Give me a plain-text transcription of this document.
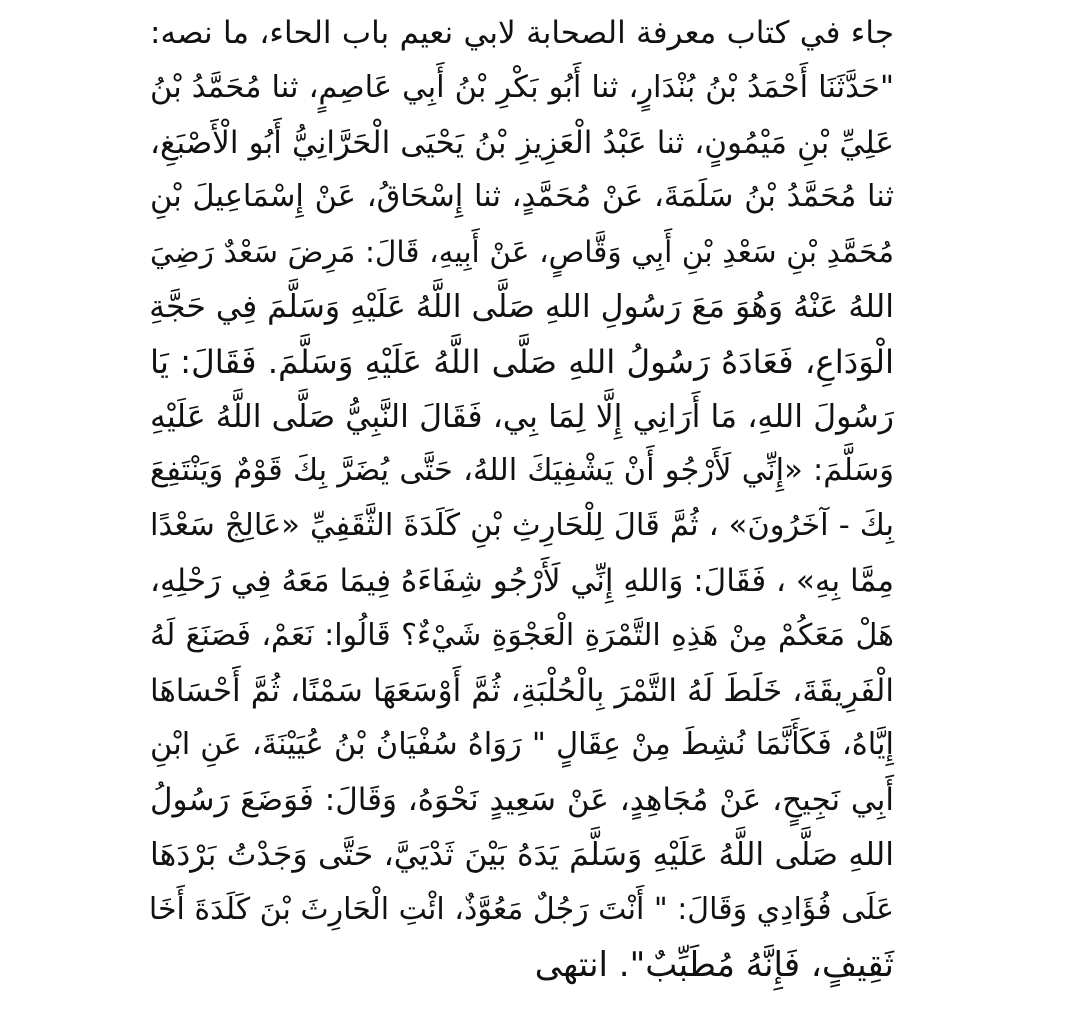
جاء في كتاب معرفة الصحابة لابي نعيم باب الحاء، ما نصه:
"حَدَّثَنَا أَحْمَدُ بْنُ بُنْدَارٍ، ثنا أَبُو بَكْرِ بْنُ أَبِي عَاصِمٍ، ثنا مُحَمَّدُ بْنُ
عَلِيِّ بْنِ مَيْمُونٍ، ثنا عَبْدُ الْعَزِيزِ بْنُ يَحْيَى الْحَرَّانِيُّ أَبُو الْأَصْبَغِ،
ثنا مُحَمَّدُ بْنُ سَلَمَةَ، عَنْ مُحَمَّدٍ، ثنا إِسْحَاقُ، عَنْ إِسْمَاعِيلَ بْنِ
مُحَمَّدِ بْنِ سَعْدِ بْنِ أَبِي وَقَّاصٍ، عَنْ أَبِيهِ، قَالَ: مَرِضَ سَعْدٌ رَضِيَ
اللهُ عَنْهُ وَهُوَ مَعَ رَسُولِ اللهِ صَلَّى اللَّهُ عَلَيْهِ وَسَلَّمَ فِي حَجَّةِ
الْوَدَاعِ، فَعَادَهُ رَسُولُ اللهِ صَلَّى اللَّهُ عَلَيْهِ وَسَلَّمَ. فَقَالَ: يَا
رَسُولَ اللهِ، مَا أَرَانِي إِلَّا لِمَا بِي، فَقَالَ النَّبِيُّ صَلَّى اللَّهُ عَلَيْهِ
وَسَلَّمَ: «إِنِّي لَأَرْجُو أَنْ يَشْفِيَكَ اللهُ، حَتَّى يُضَرَّ بِكَ قَوْمٌ وَيَنْتَفِعَ
بِكَ - آخَرُونَ» ، ثُمَّ قَالَ لِلْحَارِثِ بْنِ كَلَدَةَ الثَّقَفِيِّ «عَالِجْ سَعْدًا
مِمَّا بِهِ» ، فَقَالَ: وَاللهِ إِنِّي لَأَرْجُو شِفَاءَهُ فِيمَا مَعَهُ فِي رَحْلِهِ،
هَلْ مَعَكُمْ مِنْ هَذِهِ التَّمْرَةِ الْعَجْوَةِ شَيْءٌ؟ قَالُوا: نَعَمْ، فَصَنَعَ لَهُ
الْفَرِيقَةَ، خَلَطَ لَهُ التَّمْرَ بِالْحُلْبَةِ، ثُمَّ أَوْسَعَهَا سَمْنًا، ثُمَّ أَحْسَاهَا
إِيَّاهُ، فَكَأَنَّمَا نُشِطَ مِنْ عِقَالٍ " رَوَاهُ سُفْيَانُ بْنُ عُيَيْنَةَ، عَنِ ابْنِ
أَبِي نَجِيحٍ، عَنْ مُجَاهِدٍ، عَنْ سَعِيدٍ نَحْوَهُ، وَقَالَ: فَوَضَعَ رَسُولُ
اللهِ صَلَّى اللَّهُ عَلَيْهِ وَسَلَّمَ يَدَهُ بَيْنَ ثَدْيَيَّ، حَتَّى وَجَدْتُ بَرْدَهَا
عَلَى فُؤَادِي وَقَالَ: " أَنْتَ رَجُلٌ مَعُوَّذٌ، ائْتِ الْحَارِثَ بْنَ كَلَدَةَ أَخَا
ثَقِيفٍ، فَإِنَّهُ مُطَبِّبٌ". انتهى
